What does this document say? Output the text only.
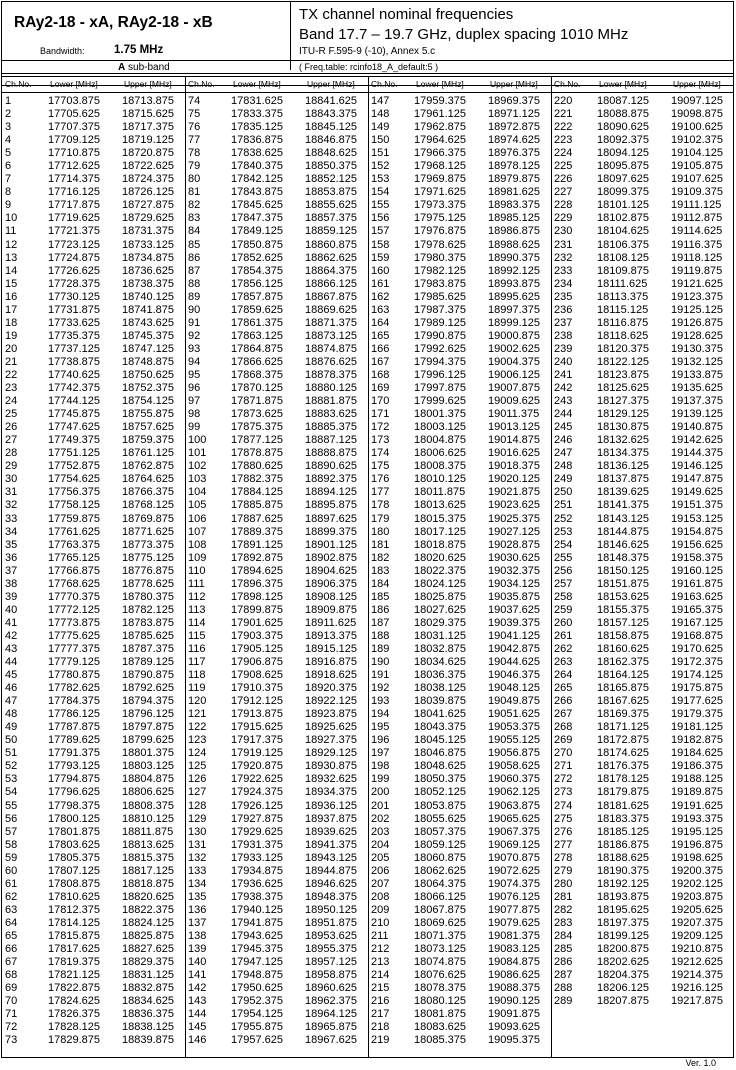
RAy2-18 - xA, RAy2-18 - xB
Bandwidth:	1.75 MHz
A sub-band
TX channel nominal frequencies
Band 17.7 – 19.7 GHz, duplex spacing 1010 MHz
ITU-R F.595-9 (-10), Annex 5.c
( Freq.table: rcinfo18_A_default:5 )
Ch.No. Lower [MHz]	Upper [MHz]
1	17703.875 18713.875
2	17705.625 18715.625
3	17707.375 18717.375
4	17709.125 18719.125
5	17710.875 18720.875
6	17712.625 18722.625
7	17714.375 18724.375
8	17716.125 18726.125
9	17717.875 18727.875
10	17719.625 18729.625
11	17721.375 18731.375
12	17723.125 18733.125
13	17724.875 18734.875
14	17726.625 18736.625
15	17728.375 18738.375
16	17730.125 18740.125
17	17731.875 18741.875
18	17733.625 18743.625
19	17735.375 18745.375
20	17737.125 18747.125
21	17738.875 18748.875
22	17740.625 18750.625
23	17742.375 18752.375
24	17744.125 18754.125
25	17745.875 18755.875
26	17747.625 18757.625
27	17749.375 18759.375
28	17751.125 18761.125
29	17752.875 18762.875
30	17754.625 18764.625
31	17756.375 18766.375
32	17758.125 18768.125
33	17759.875 18769.875
34	17761.625 18771.625
35	17763.375 18773.375
36	17765.125 18775.125
37	17766.875 18776.875
38	17768.625 18778.625
39	17770.375 18780.375
40	17772.125 18782.125
41	17773.875 18783.875
42	17775.625 18785.625
43	17777.375 18787.375
44	17779.125 18789.125
45	17780.875 18790.875
46	17782.625 18792.625
47	17784.375 18794.375
48	17786.125 18796.125
49	17787.875 18797.875
50	17789.625 18799.625
51	17791.375 18801.375
52	17793.125 18803.125
53	17794.875 18804.875
54	17796.625 18806.625
55	17798.375 18808.375
56	17800.125 18810.125
57	17801.875 18811.875
58	17803.625 18813.625
59	17805.375 18815.375
60	17807.125 18817.125
61	17808.875 18818.875
62	17810.625 18820.625
63	17812.375 18822.375
64	17814.125 18824.125
65	17815.875 18825.875
66	17817.625 18827.625
67	17819.375 18829.375
68	17821.125 18831.125
69	17822.875 18832.875
70	17824.625 18834.625
71	17826.375 18836.375
72	17828.125 18838.125
73	17829.875 18839.875
Ch.No. Lower [MHz]	Upper [MHz]
74	17831.625 18841.625
75	17833.375 18843.375
76	17835.125 18845.125
77	17836.875 18846.875
78	17838.625 18848.625
79	17840.375 18850.375
80	17842.125 18852.125
81	17843.875 18853.875
82	17845.625 18855.625
83	17847.375 18857.375
84	17849.125 18859.125
85	17850.875 18860.875
86	17852.625 18862.625
87	17854.375 18864.375
88	17856.125 18866.125
89	17857.875 18867.875
90	17859.625 18869.625
91	17861.375 18871.375
92	17863.125 18873.125
93	17864.875 18874.875
94	17866.625 18876.625
95	17868.375 18878.375
96	17870.125 18880.125
97	17871.875 18881.875
98	17873.625 18883.625
99	17875.375 18885.375
100 17877.125 18887.125
101 17878.875 18888.875
102 17880.625 18890.625
103 17882.375 18892.375
104 17884.125 18894.125
105 17885.875 18895.875
106 17887.625 18897.625
107 17889.375 18899.375
108 17891.125 18901.125
109 17892.875 18902.875
110 17894.625 18904.625
111 17896.375 18906.375
112 17898.125 18908.125
113 17899.875 18909.875
114 17901.625 18911.625
115 17903.375 18913.375
116 17905.125 18915.125
117 17906.875 18916.875
118 17908.625 18918.625
119 17910.375 18920.375
120 17912.125 18922.125
121 17913.875 18923.875
122 17915.625 18925.625
123 17917.375 18927.375
124 17919.125 18929.125
125 17920.875 18930.875
126 17922.625 18932.625
127 17924.375 18934.375
128 17926.125 18936.125
129 17927.875 18937.875
130 17929.625 18939.625
131 17931.375 18941.375
132 17933.125 18943.125
133 17934.875 18944.875
134 17936.625 18946.625
135 17938.375 18948.375
136 17940.125 18950.125
137 17941.875 18951.875
138 17943.625 18953.625
139 17945.375 18955.375
140 17947.125 18957.125
141 17948.875 18958.875
142 17950.625 18960.625
143 17952.375 18962.375
144 17954.125 18964.125
145 17955.875 18965.875
146 17957.625 18967.625
Ch.No. Lower [MHz]	Upper [MHz]
147 17959.375 18969.375
148 17961.125 18971.125
149 17962.875 18972.875
150 17964.625 18974.625
151 17966.375 18976.375
152 17968.125 18978.125
153 17969.875 18979.875
154 17971.625 18981.625
155 17973.375 18983.375
156 17975.125 18985.125
157 17976.875 18986.875
158 17978.625 18988.625
159 17980.375 18990.375
160 17982.125 18992.125
161 17983.875 18993.875
162 17985.625 18995.625
163 17987.375 18997.375
164 17989.125 18999.125
165 17990.875 19000.875
166 17992.625 19002.625
167 17994.375 19004.375
168 17996.125 19006.125
169 17997.875 19007.875
170 17999.625 19009.625
171 18001.375 19011.375
172 18003.125 19013.125
173 18004.875 19014.875
174 18006.625 19016.625
175 18008.375 19018.375
176 18010.125 19020.125
177 18011.875 19021.875
178 18013.625 19023.625
179 18015.375 19025.375
180 18017.125 19027.125
181 18018.875 19028.875
182 18020.625 19030.625
183 18022.375 19032.375
184 18024.125 19034.125
185 18025.875 19035.875
186 18027.625 19037.625
187 18029.375 19039.375
188 18031.125 19041.125
189 18032.875 19042.875
190 18034.625 19044.625
191 18036.375 19046.375
192 18038.125 19048.125
193 18039.875 19049.875
194 18041.625 19051.625
195 18043.375 19053.375
196 18045.125 19055.125
197 18046.875 19056.875
198 18048.625 19058.625
199 18050.375 19060.375
200 18052.125 19062.125
201 18053.875 19063.875
202 18055.625 19065.625
203 18057.375 19067.375
204 18059.125 19069.125
205 18060.875 19070.875
206 18062.625 19072.625
207 18064.375 19074.375
208 18066.125 19076.125
209 18067.875 19077.875
210 18069.625 19079.625
211 18071.375 19081.375
212 18073.125 19083.125
213 18074.875 19084.875
214 18076.625 19086.625
215 18078.375 19088.375
216 18080.125 19090.125
217 18081.875 19091.875
218 18083.625 19093.625
219 18085.375 19095.375
Ch.No. Lower [MHz]	Upper [MHz]
220 18087.125 19097.125
221 18088.875 19098.875
222 18090.625 19100.625
223 18092.375 19102.375
224 18094.125 19104.125
225 18095.875 19105.875
226 18097.625 19107.625
227 18099.375 19109.375
228 18101.125 19111.125
229 18102.875 19112.875
230 18104.625 19114.625
231 18106.375 19116.375
232 18108.125 19118.125
233 18109.875 19119.875
234 18111.625 19121.625
235 18113.375 19123.375
236 18115.125 19125.125
237 18116.875 19126.875
238 18118.625 19128.625
239 18120.375 19130.375
240 18122.125 19132.125
241 18123.875 19133.875
242 18125.625 19135.625
243 18127.375 19137.375
244 18129.125 19139.125
245 18130.875 19140.875
246 18132.625 19142.625
247 18134.375 19144.375
248 18136.125 19146.125
249 18137.875 19147.875
250 18139.625 19149.625
251 18141.375 19151.375
252 18143.125 19153.125
253 18144.875 19154.875
254 18146.625 19156.625
255 18148.375 19158.375
256 18150.125 19160.125
257 18151.875 19161.875
258 18153.625 19163.625
259 18155.375 19165.375
260 18157.125 19167.125
261 18158.875 19168.875
262 18160.625 19170.625
263 18162.375 19172.375
264 18164.125 19174.125
265 18165.875 19175.875
266 18167.625 19177.625
267 18169.375 19179.375
268 18171.125 19181.125
269 18172.875 19182.875
270 18174.625 19184.625
271 18176.375 19186.375
272 18178.125 19188.125
273 18179.875 19189.875
274 18181.625 19191.625
275 18183.375 19193.375
276 18185.125 19195.125
277 18186.875 19196.875
278 18188.625 19198.625
279 18190.375 19200.375
280 18192.125 19202.125
281 18193.875 19203.875
282 18195.625 19205.625
283 18197.375 19207.375
284 18199.125 19209.125
285 18200.875 19210.875
286 18202.625 19212.625
287 18204.375 19214.375
288 18206.125 19216.125
289 18207.875 19217.875
Ver. 1.0
